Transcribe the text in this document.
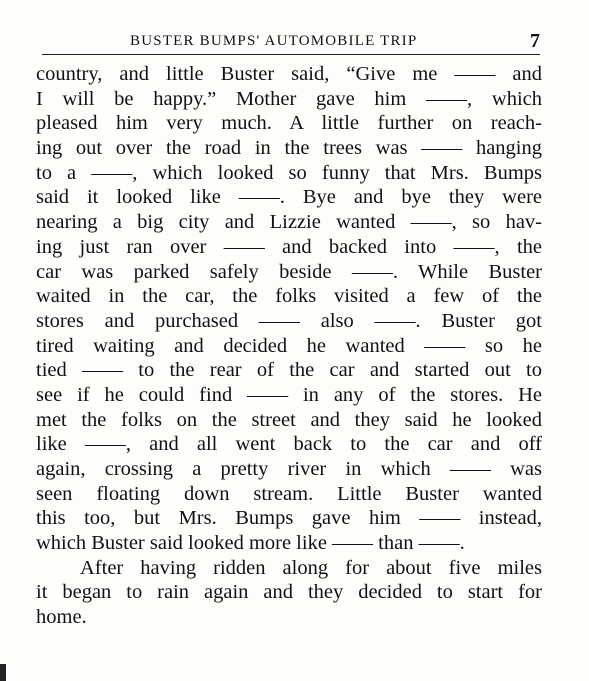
BUSTER BUMPS' AUTOMOBILE TRIP	7
country, and little Buster said, “Give me —— and
I will be happy.” Mother gave him ——, which
pleased him very much. A little further on reach-
ing out over the road in the trees was —— hanging
to a ——, which looked so funny that Mrs. Bumps
said it looked like ——. Bye and bye they were
nearing a big city and Lizzie wanted ——, so hav-
ing just ran over —— and backed into ——, the
car was parked safely beside ——. While Buster
waited in the car, the folks visited a few of the
stores and purchased —— also ——. Buster got
tired waiting and decided he wanted —— so he
tied —— to the rear of the car and started out to
see if he could find —— in any of the stores. He
met the folks on the street and they said he looked
like ——, and all went back to the car and off
again, crossing a pretty river in which —— was
seen floating down stream. Little Buster wanted
this too, but Mrs. Bumps gave him —— instead,
which Buster said looked more like —— than ——.
After having ridden along for about five miles
it began to rain again and they decided to start for
home.
